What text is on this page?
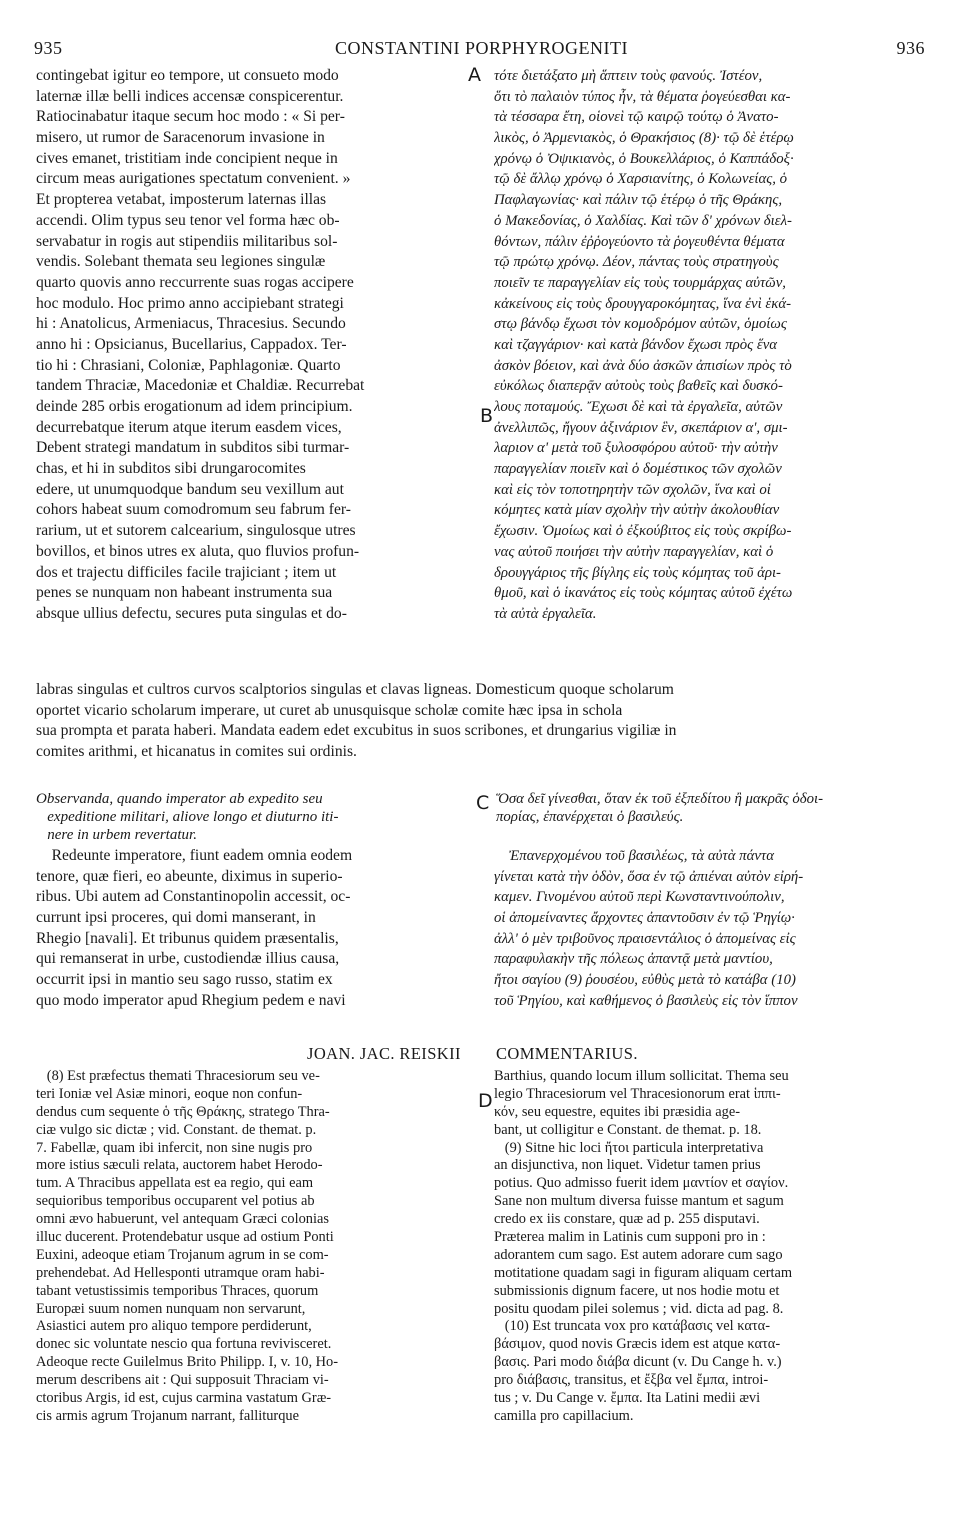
935	CONSTANTINI PORPHYROGENITI	936
A
B
C
D
contingebat igitur eo tempore, ut consueto modo
laternæ illæ belli indices accensæ conspicerentur.
Ratiocinabatur itaque secum hoc modo : « Si per-
misero, ut rumor de Saracenorum invasione in
cives emanet, tristitiam inde concipient neque in
circum meas aurigationes spectatum convenient. »
Et propterea vetabat, imposterum laternas illas
accendi. Olim typus seu tenor vel forma hæc ob-
servabatur in rogis aut stipendiis militaribus sol-
vendis. Solebant themata seu legiones singulæ
quarto quovis anno reccurrente suas rogas accipere
hoc modulo. Hoc primo anno accipiebant strategi
hi : Anatolicus, Armeniacus, Thracesius. Secundo
anno hi : Opsicianus, Bucellarius, Cappadox. Ter-
tio hi : Chrasiani, Coloniæ, Paphlagoniæ. Quarto
tandem Thraciæ, Macedoniæ et Chaldiæ. Recurrebat
deinde 285 orbis erogationum ad idem principium.
decurrebatque iterum atque iterum easdem vices,
Debent strategi mandatum in subditos sibi turmar-
chas, et hi in subditos sibi drungarocomites
edere, ut unumquodque bandum seu vexillum aut
cohors habeat suum comodromum seu fabrum fer-
rarium, ut et sutorem calcearium, singulosque utres
bovillos, et binos utres ex aluta, quo fluvios profun-
dos et trajectu difficiles facile trajiciant ; item ut
penes se nunquam non habeant instrumenta sua
absque ullius defectu, secures puta singulas et do-
τότε διετάξατο μὴ ἅπτειν τοὺς φανούς. Ἰστέον,
ὅτι τὸ παλαιὸν τύπος ἦν, τὰ θέματα ῥογεύεσθαι κα-
τὰ τέσσαρα ἔτη, οἱονεὶ τῷ καιρῷ τούτῳ ὁ Ἀνατο-
λικὸς, ὁ Ἀρμενιακὸς, ὁ Θρακήσιος (8)· τῷ δὲ ἑτέρῳ
χρόνῳ ὁ Ὀψικιανὸς, ὁ Βουκελλάριος, ὁ Καππάδοξ·
τῷ δὲ ἄλλῳ χρόνῳ ὁ Χαρσιανίτης, ὁ Κολωνείας, ὁ
Παφλαγωνίας· καὶ πάλιν τῷ ἑτέρῳ ὁ τῆς Θράκης,
ὁ Μακεδονίας, ὁ Χαλδίας. Καὶ τῶν δ' χρόνων διελ-
θόντων, πάλιν ἐῤῥογεύοντο τὰ ῥογευθέντα θέματα
τῷ πρώτῳ χρόνῳ. Δέον, πάντας τοὺς στρατηγοὺς
ποιεῖν τε παραγγελίαν εἰς τοὺς τουρμάρχας αὐτῶν,
κἀκείνους εἰς τοὺς δρουγγαροκόμητας, ἵνα ἐνὶ ἑκά-
στῳ βάνδῳ ἔχωσι τὸν κομοδρόμον αὐτῶν, ὁμοίως
καὶ τζαγγάριον· καὶ κατὰ βάνδον ἔχωσι πρὸς ἕνα
ἀσκὸν βόειον, καὶ ἀνὰ δύο ἀσκῶν ἀπισίων πρὸς τὸ
εὐκόλως διαπερᾷν αὐτοὺς τοὺς βαθεῖς καὶ δυσκό-
λους ποταμούς. Ἔχωσι δὲ καὶ τὰ ἐργαλεῖα, αὐτῶν
ἀνελλιπῶς, ἤγουν ἀξινάριον ἓν, σκεπάριον α', σμι-
λαριον α' μετὰ τοῦ ξυλοσφόρου αὐτοῦ· τὴν αὐτὴν
παραγγελίαν ποιεῖν καὶ ὁ δομέστικος τῶν σχολῶν
καὶ εἰς τὸν τοποτηρητὴν τῶν σχολῶν, ἵνα καὶ οἱ
κόμητες κατὰ μίαν σχολὴν τὴν αὐτὴν ἀκολουθίαν
ἔχωσιν. Ὁμοίως καὶ ὁ ἐξκούβιτος εἰς τοὺς σκρίβω-
νας αὐτοῦ ποιήσει τὴν αὐτὴν παραγγελίαν, καὶ ὁ
δρουγγάριος τῆς βίγλης εἰς τοὺς κόμητας τοῦ ἀρι-
θμοῦ, καὶ ὁ ἱκανάτος εἰς τοὺς κόμητας αὐτοῦ ἐχέτω
τὰ αὐτὰ ἐργαλεῖα.
labras singulas et cultros curvos scalptorios singulas et clavas ligneas. Domesticum quoque scholarum
oportet vicario scholarum imperare, ut curet ab unusquisque scholæ comite hæc ipsa in schola
sua prompta et parata haberi. Mandata eadem edet excubitus in suos scribones, et drungarius vigiliæ in
comites arithmi, et hicanatus in comites sui ordinis.
Observanda, quando imperator ab expedito seu
expeditione militari, aliove longo et diuturno iti-
nere in urbem revertatur.
Ὅσα δεῖ γίνεσθαι, ὅταν ἐκ τοῦ ἐξπεδίτου ἢ μακρᾶς ὁδοι-
πορίας, ἐπανέρχεται ὁ βασιλεύς.
Redeunte imperatore, fiunt eadem omnia eodem
tenore, quæ fieri, eo abeunte, diximus in superio-
ribus. Ubi autem ad Constantinopolin accessit, oc-
currunt ipsi proceres, qui domi manserant, in
Rhegio [navali]. Et tribunus quidem præsentalis,
qui remanserat in urbe, custodiendæ illius causa,
occurrit ipsi in mantio seu sago russo, statim ex
quo modo imperator apud Rhegium pedem e navi
Ἐπανερχομένου τοῦ βασιλέως, τὰ αὐτὰ πάντα
γίνεται κατὰ τὴν ὁδὸν, ὅσα ἐν τῷ ἀπιέναι αὐτὸν εἰρή-
καμεν. Γινομένου αὐτοῦ περὶ Κωνσταντινούπολιν,
οἱ ἀπομείναντες ἄρχοντες ἀπαντοῦσιν ἐν τῷ Ῥηγίῳ·
ἀλλ' ὁ μὲν τριβοῦνος πραισεντάλιος ὁ ἀπομείνας εἰς
παραφυλακὴν τῆς πόλεως ἀπαντᾷ μετὰ μαντίου,
ἤτοι σαγίου (9) ῥουσέου, εὐθὺς μετὰ τὸ κατάβα (10)
τοῦ Ῥηγίου, καὶ καθήμενος ὁ βασιλεὺς εἰς τὸν ἵππον
JOAN. JAC. REISKII COMMENTARIUS.
(8) Est præfectus themati Thracesiorum seu ve-
teri Ioniæ vel Asiæ minori, eoque non confun-
dendus cum sequente ὁ τῆς Θράκης, stratego Thra-
ciæ vulgo sic dictæ ; vid. Constant. de themat. p.
7. Fabellæ, quam ibi infercit, non sine nugis pro
more istius sæculi relata, auctorem habet Herodo-
tum. A Thracibus appellata est ea regio, qui eam
sequioribus temporibus occuparent vel potius ab
omni ævo habuerunt, vel antequam Græci colonias
illuc ducerent. Protendebatur usque ad ostium Ponti
Euxini, adeoque etiam Trojanum agrum in se com-
prehendebat. Ad Hellesponti utramque oram habi-
tabant vetustissimis temporibus Thraces, quorum
Europæi suum nomen nunquam non servarunt,
Asiastici autem pro aliquo tempore perdiderunt,
donec sic voluntate nescio qua fortuna revivisceret.
Adeoque recte Guilelmus Brito Philipp. I, v. 10, Ho-
merum describens ait : Qui supposuit Thraciam vi-
ctoribus Argis, id est, cujus carmina vastatum Græ-
cis armis agrum Trojanum narrant, falliturque
Barthius, quando locum illum sollicitat. Thema seu
legio Thracesiorum vel Thracesionorum erat ἱππι-
κόν, seu equestre, equites ibi præsidia age-
bant, ut colligitur e Constant. de themat. p. 18.
(9) Sitne hic loci ἤτοι particula interpretativa
an disjunctiva, non liquet. Videtur tamen prius
potius. Quo admisso fuerit idem μαντίον et σαγίον.
Sane non multum diversa fuisse mantum et sagum
credo ex iis constare, quæ ad p. 255 disputavi.
Præterea malim in Latinis cum supponi pro in :
adorantem cum sago. Est autem adorare cum sago
motitatione quadam sagi in figuram aliquam certam
submissionis dignum facere, ut nos hodie motu et
positu quodam pilei solemus ; vid. dicta ad pag. 8.
(10) Est truncata vox pro κατάβασις vel κατα-
βάσιμον, quod novis Græcis idem est atque κατα-
βασις. Pari modo διάβα dicunt (v. Du Cange h. v.)
pro διάβασις, transitus, et ἔξβα vel ἔμπα, introi-
tus ; v. Du Cange v. ἔμπα. Ita Latini medii ævi
camilla pro capillacium.
